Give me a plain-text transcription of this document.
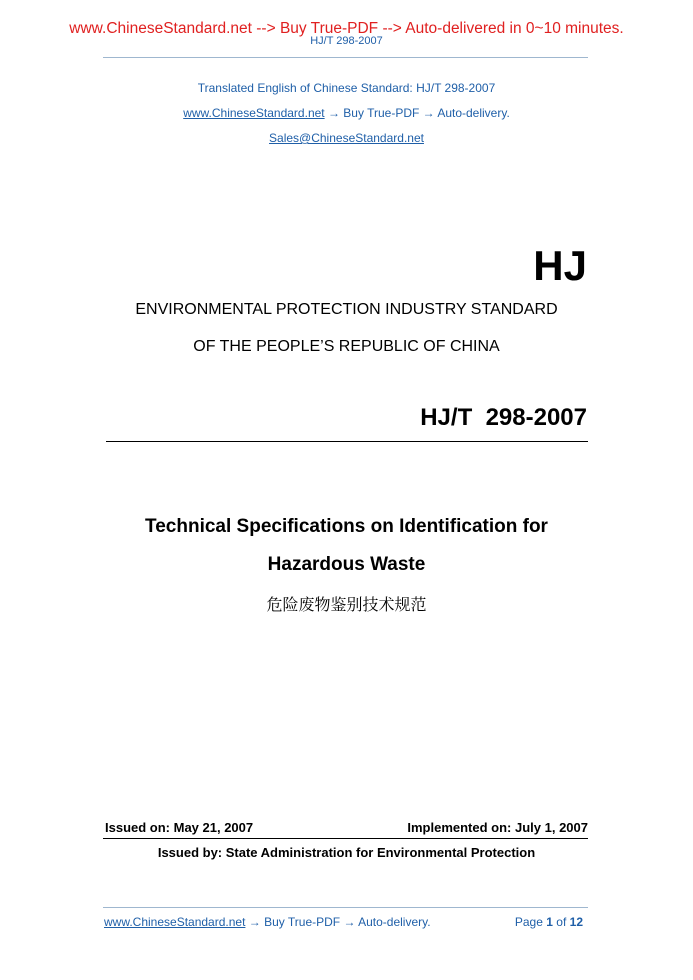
www.ChineseStandard.net --> Buy True-PDF --> Auto-delivered in 0~10 minutes.
HJ/T 298-2007
Translated English of Chinese Standard: HJ/T 298-2007
www.ChineseStandard.net → Buy True-PDF → Auto-delivery.
Sales@ChineseStandard.net
HJ
ENVIRONMENTAL PROTECTION INDUSTRY STANDARD
OF THE PEOPLE’S REPUBLIC OF CHINA
HJ/T  298-2007
Technical Specifications on Identification for
Hazardous Waste
危险废物鉴别技术规范
Issued on: May 21, 2007	Implemented on: July 1, 2007
Issued by: State Administration for Environmental Protection
www.ChineseStandard.net → Buy True-PDF → Auto-delivery.	Page 1 of 12
